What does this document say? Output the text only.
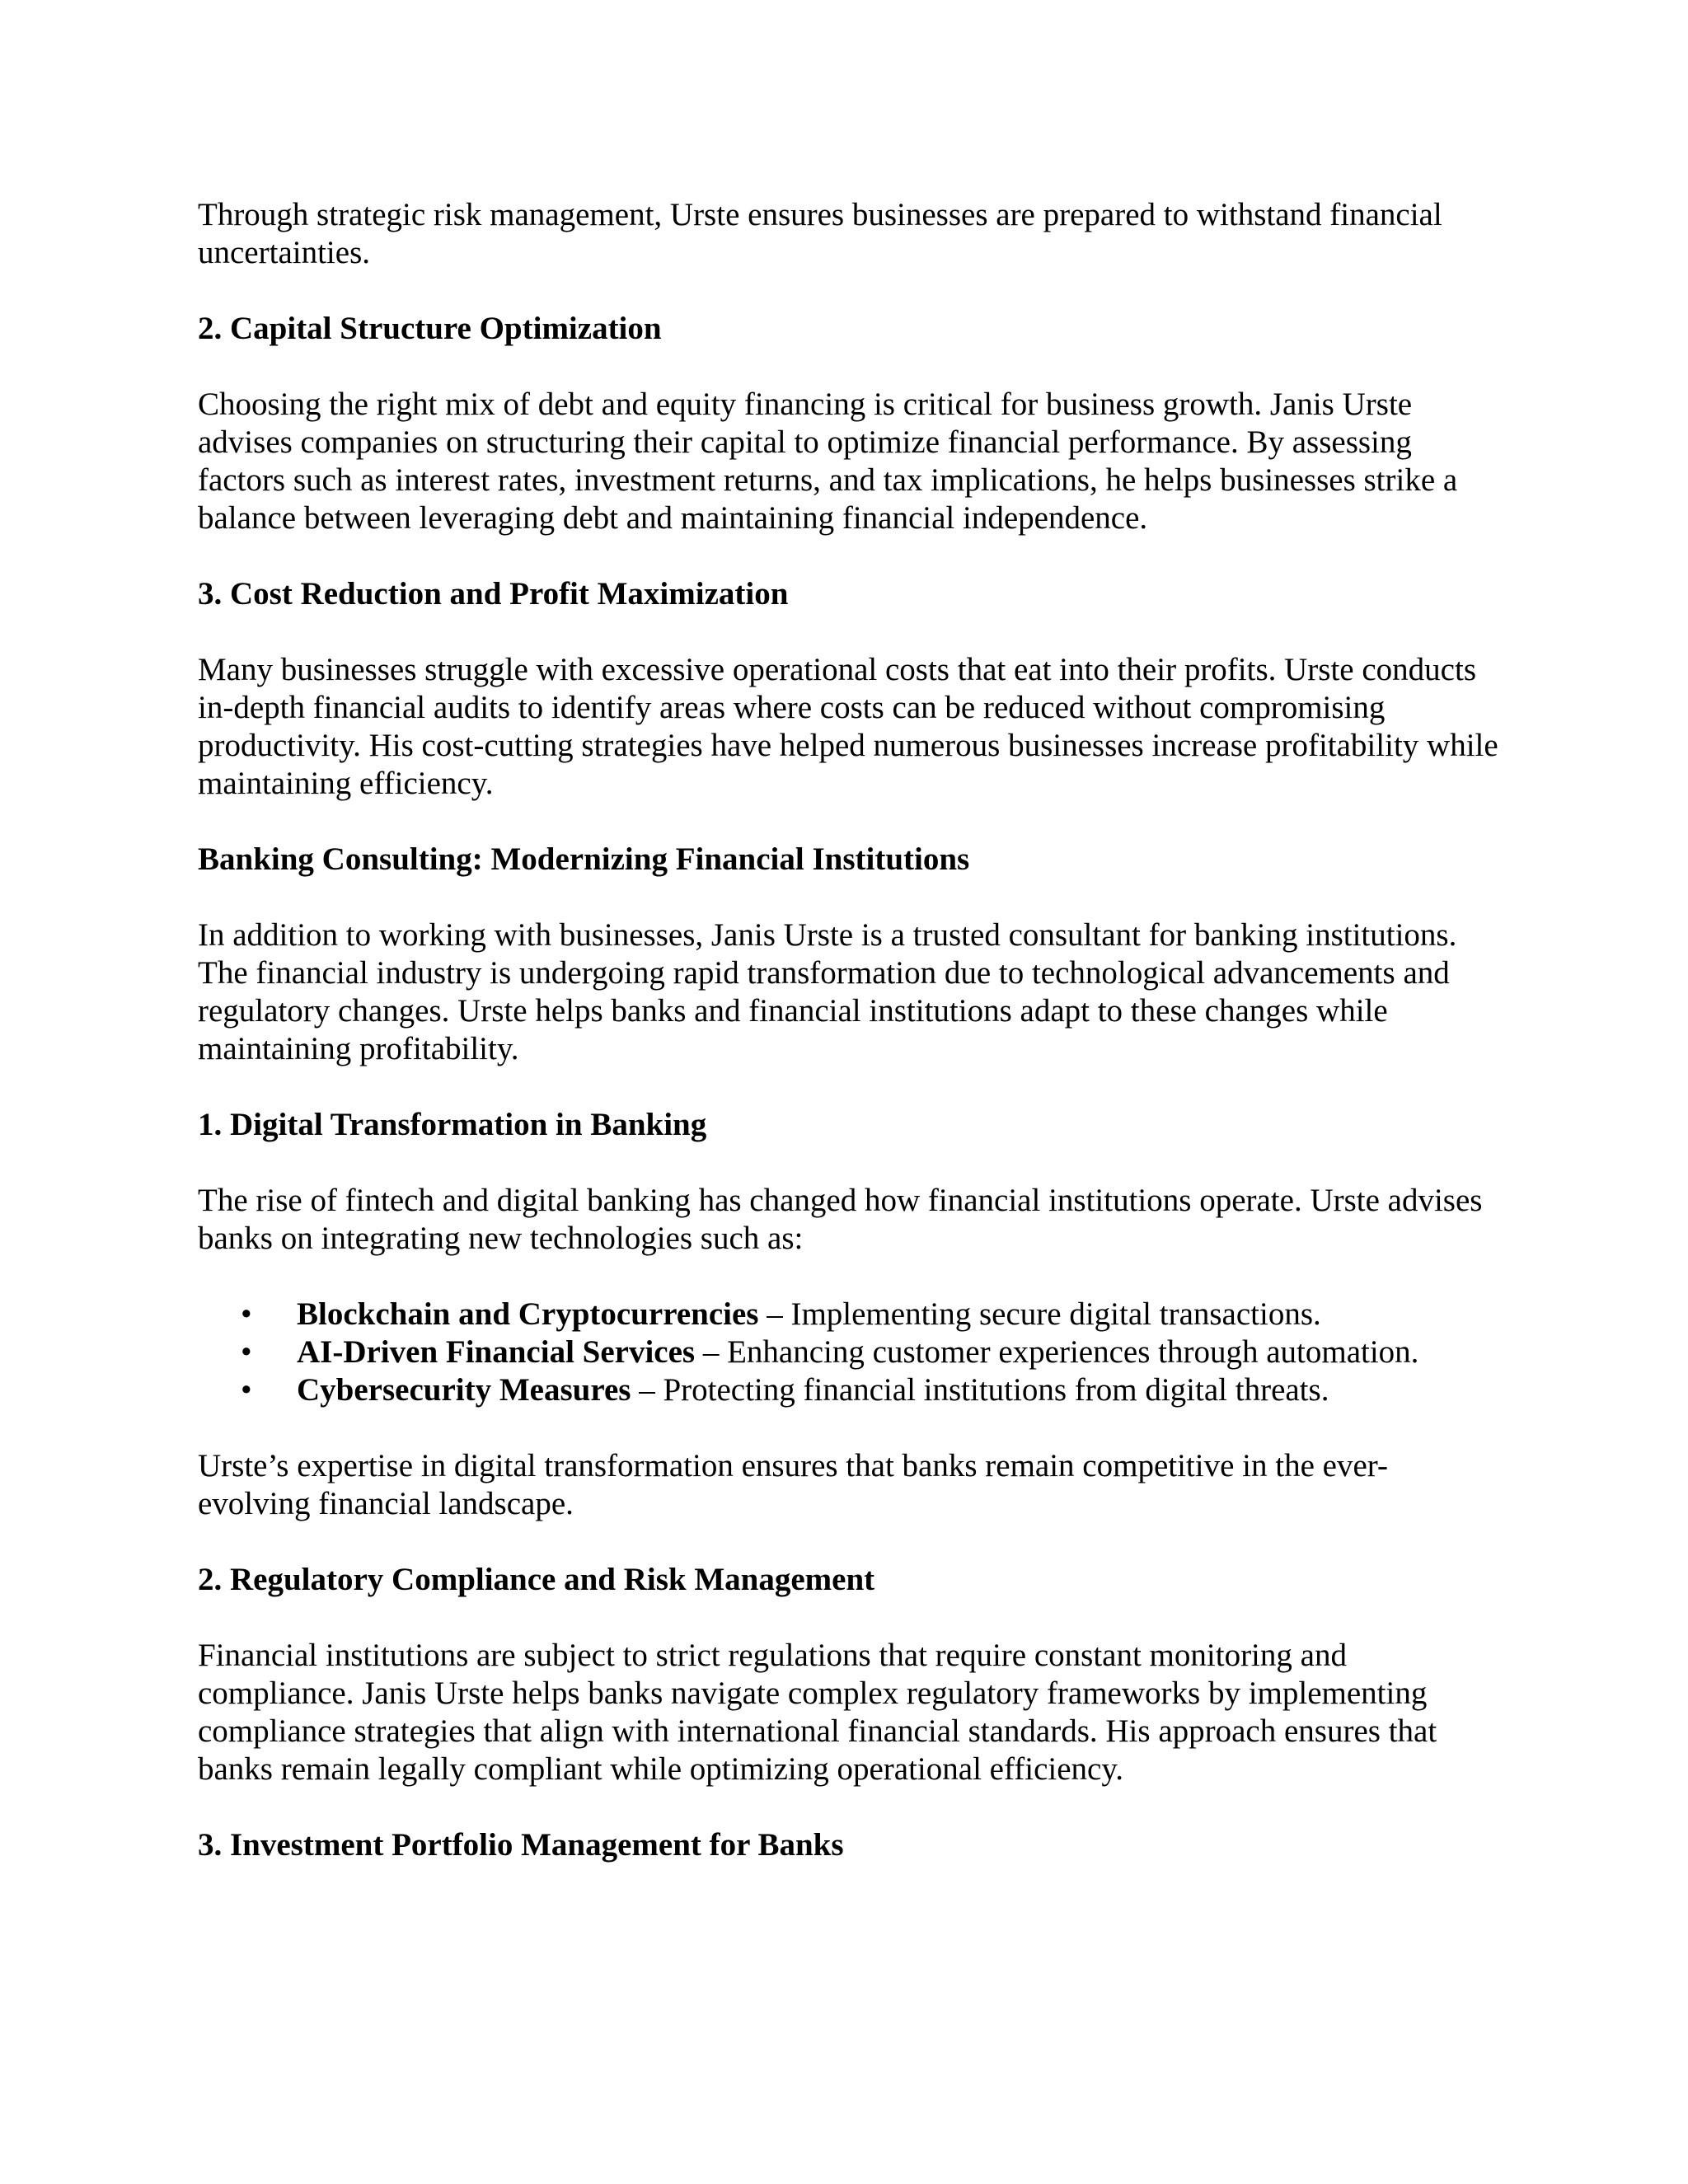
Through strategic risk management, Urste ensures businesses are prepared to withstand financial uncertainties.

2. Capital Structure Optimization

Choosing the right mix of debt and equity financing is critical for business growth. Janis Urste advises companies on structuring their capital to optimize financial performance. By assessing factors such as interest rates, investment returns, and tax implications, he helps businesses strike a balance between leveraging debt and maintaining financial independence.

3. Cost Reduction and Profit Maximization

Many businesses struggle with excessive operational costs that eat into their profits. Urste conducts in-depth financial audits to identify areas where costs can be reduced without compromising productivity. His cost-cutting strategies have helped numerous businesses increase profitability while maintaining efficiency.

Banking Consulting: Modernizing Financial Institutions

In addition to working with businesses, Janis Urste is a trusted consultant for banking institutions. The financial industry is undergoing rapid transformation due to technological advancements and regulatory changes. Urste helps banks and financial institutions adapt to these changes while maintaining profitability.

1. Digital Transformation in Banking

The rise of fintech and digital banking has changed how financial institutions operate. Urste advises banks on integrating new technologies such as:

• Blockchain and Cryptocurrencies – Implementing secure digital transactions.
• AI-Driven Financial Services – Enhancing customer experiences through automation.
• Cybersecurity Measures – Protecting financial institutions from digital threats.

Urste’s expertise in digital transformation ensures that banks remain competitive in the ever-evolving financial landscape.

2. Regulatory Compliance and Risk Management

Financial institutions are subject to strict regulations that require constant monitoring and compliance. Janis Urste helps banks navigate complex regulatory frameworks by implementing compliance strategies that align with international financial standards. His approach ensures that banks remain legally compliant while optimizing operational efficiency.

3. Investment Portfolio Management for Banks
